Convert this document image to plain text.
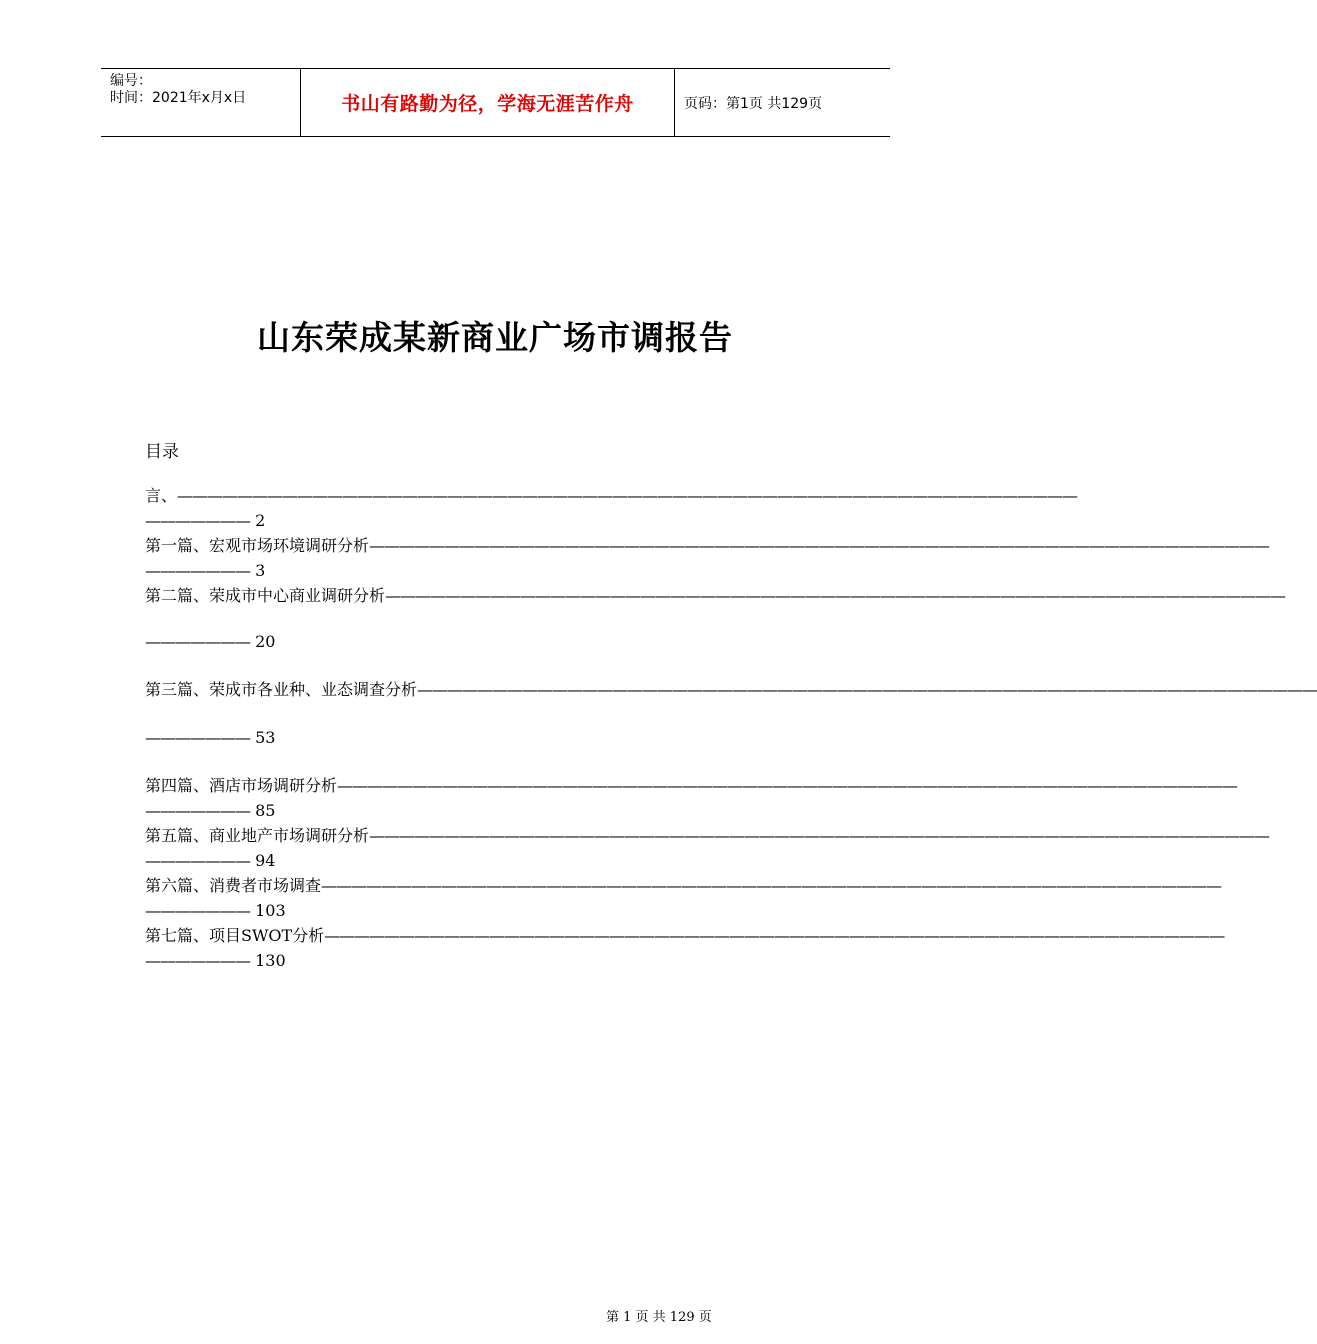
编号：
时间：2021年x月x日	书山有路勤为径，学海无涯苦作舟	页码：第1页 共129页
山东荣成某新商业广场市调报告
目录
言、 ————————————————————————————————————————————————————————————
——————— 2
第一篇、宏观市场环境调研分析 ————————————————————————————————————————————————————————————
——————— 3
第二篇、荣成市中心商业调研分析 ————————————————————————————————————————————————————————————
——————— 20
第三篇、荣成市各业种、业态调查分析 ————————————————————————————————————————————————————————————
——————— 53
第四篇、酒店市场调研分析 ————————————————————————————————————————————————————————————
——————— 85
第五篇、商业地产市场调研分析 ————————————————————————————————————————————————————————————
——————— 94
第六篇、消费者市场调查 ————————————————————————————————————————————————————————————
——————— 103
第七篇、项目SWOT分析 ————————————————————————————————————————————————————————————
——————— 130
第 1 页 共 129 页
